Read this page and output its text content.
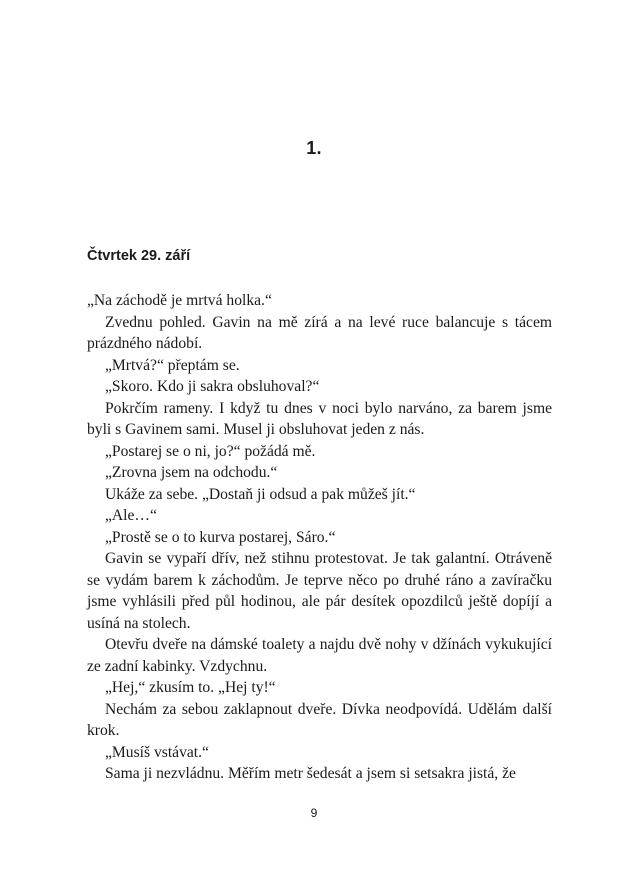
1.
Čtvrtek 29. září

„Na záchodě je mrtvá holka.“

Zvednu pohled. Gavin na mě zírá a na levé ruce balancuje s tácem prázdného nádobí.

„Mrtvá?“ přeptám se.

„Skoro. Kdo ji sakra obsluhoval?“

Pokrčím rameny. I když tu dnes v noci bylo narváno, za barem jsme byli s Gavinem sami. Musel ji obsluhovat jeden z nás.

„Postarej se o ni, jo?“ požádá mě.

„Zrovna jsem na odchodu.“

Ukáže za sebe. „Dostaň ji odsud a pak můžeš jít.“

„Ale…“

„Prostě se o to kurva postarej, Sáro.“

Gavin se vypaří dřív, než stihnu protestovat. Je tak galantní. Otráveně se vydám barem k záchodům. Je teprve něco po druhé ráno a zavíračku jsme vyhlásili před půl hodinou, ale pár desítek opozdilců ještě dopíjí a usíná na stolech.

Otevřu dveře na dámské toalety a najdu dvě nohy v džínách vykukující ze zadní kabinky. Vzdychnu.

„Hej,“ zkusím to. „Hej ty!“

Nechám za sebou zaklapnout dveře. Dívka neodpovídá. Udělám další krok.

„Musíš vstávat.“

Sama ji nezvládnu. Měřím metr šedesát a jsem si setsakra jistá, že

9
